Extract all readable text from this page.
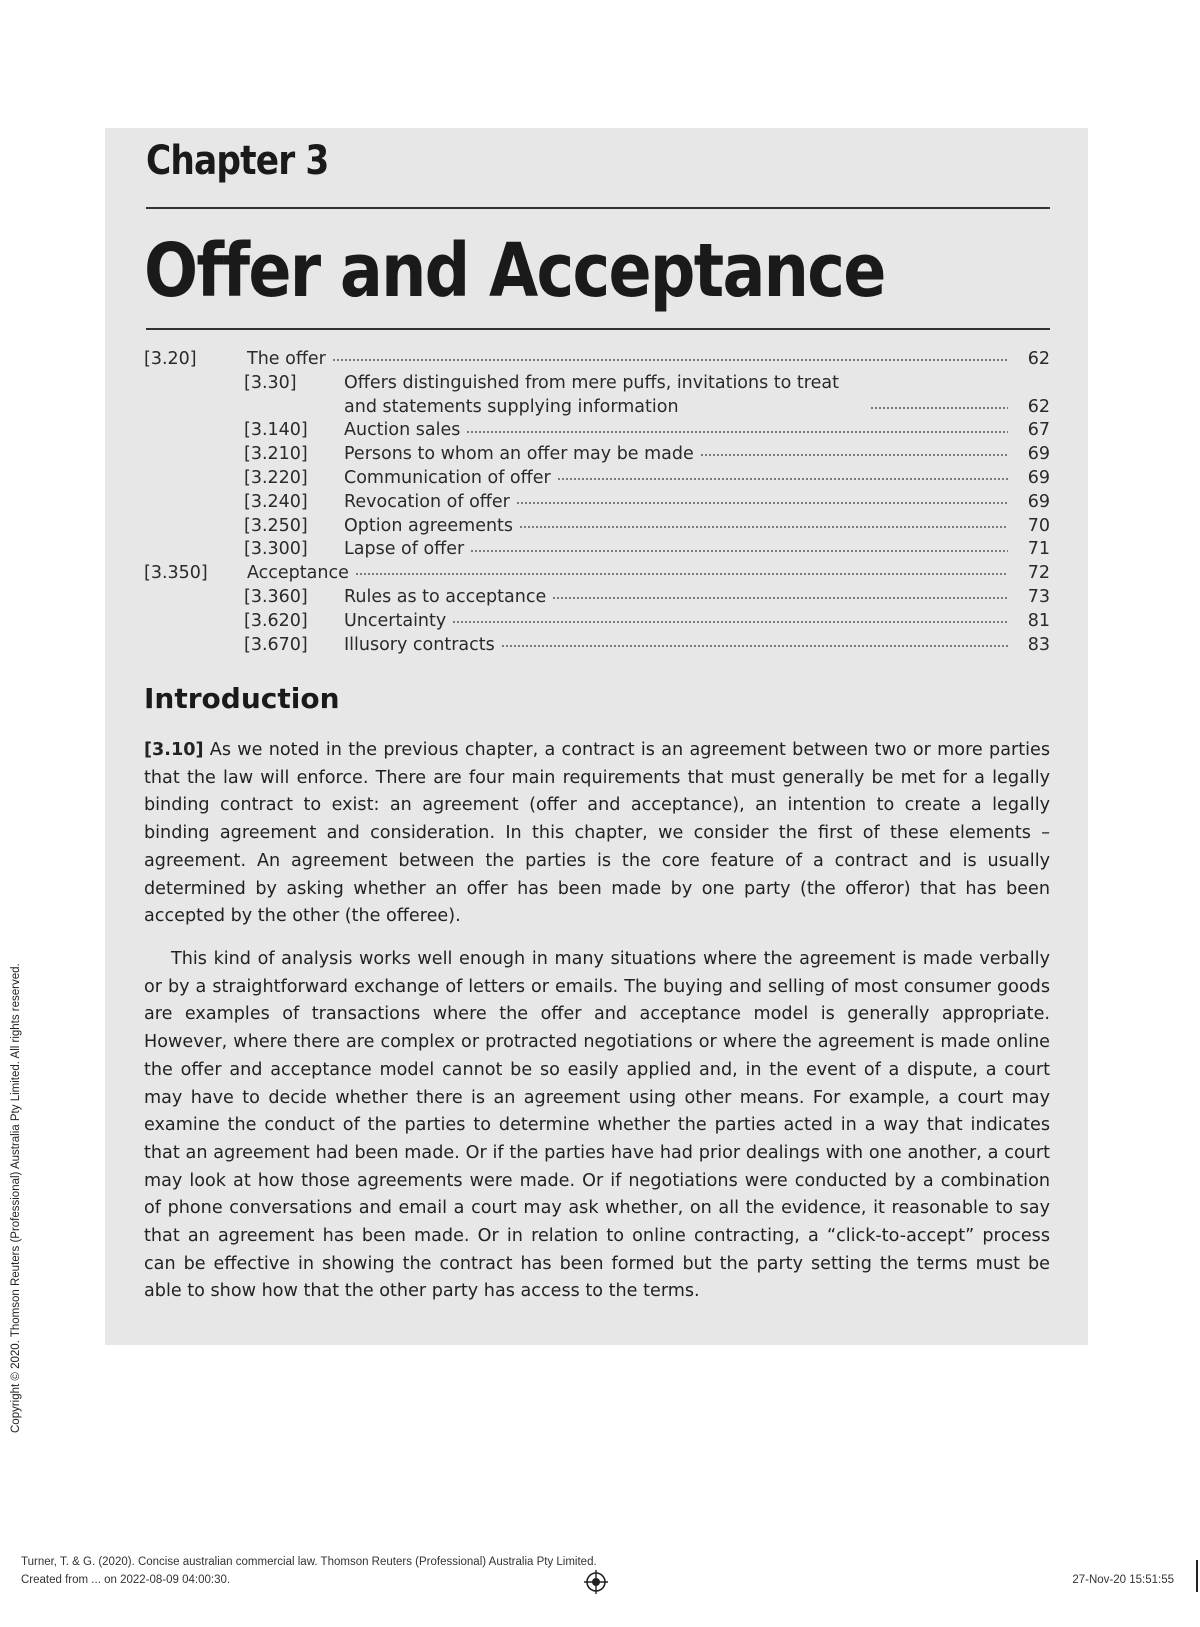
Chapter 3
Offer and Acceptance
[3.20]	The offer	62
[3.30]	Offers distinguished from mere puffs, invitations to treat and statements supplying information	62
[3.140] Auction sales	67
[3.210] Persons to whom an offer may be made	69
[3.220] Communication of offer	69
[3.240] Revocation of offer	69
[3.250] Option agreements	70
[3.300] Lapse of offer	71
[3.350] Acceptance	72
[3.360] Rules as to acceptance	73
[3.620] Uncertainty	81
[3.670] Illusory contracts	83
Introduction
[3.10] As we noted in the previous chapter, a contract is an agreement between two or more parties that the law will enforce. There are four main requirements that must generally be met for a legally binding contract to exist: an agreement (offer and acceptance), an intention to create a legally binding agreement and consideration. In this chapter, we consider the first of these elements – agreement. An agreement between the parties is the core feature of a contract and is usually determined by asking whether an offer has been made by one party (the offeror) that has been accepted by the other (the offeree).
This kind of analysis works well enough in many situations where the agreement is made verbally or by a straightforward exchange of letters or emails. The buying and selling of most consumer goods are examples of transactions where the offer and acceptance model is generally appropriate. However, where there are complex or protracted negotiations or where the agreement is made online the offer and acceptance model cannot be so easily applied and, in the event of a dispute, a court may have to decide whether there is an agreement using other means. For example, a court may examine the conduct of the parties to determine whether the parties acted in a way that indicates that an agreement had been made. Or if the parties have had prior dealings with one another, a court may look at how those agreements were made. Or if negotiations were conducted by a combination of phone conversations and email a court may ask whether, on all the evidence, it reasonable to say that an agreement has been made. Or in relation to online contracting, a “click-to-accept” process can be effective in showing the contract has been formed but the party setting the terms must be able to show how that the other party has access to the terms.
Copyright © 2020. Thomson Reuters (Professional) Australia Pty Limited. All rights reserved.
Turner, T. & G. (2020). Concise australian commercial law. Thomson Reuters (Professional) Australia Pty Limited.
Created from ... on 2022-08-09 04:00:30.	27-Nov-20 15:51:55
